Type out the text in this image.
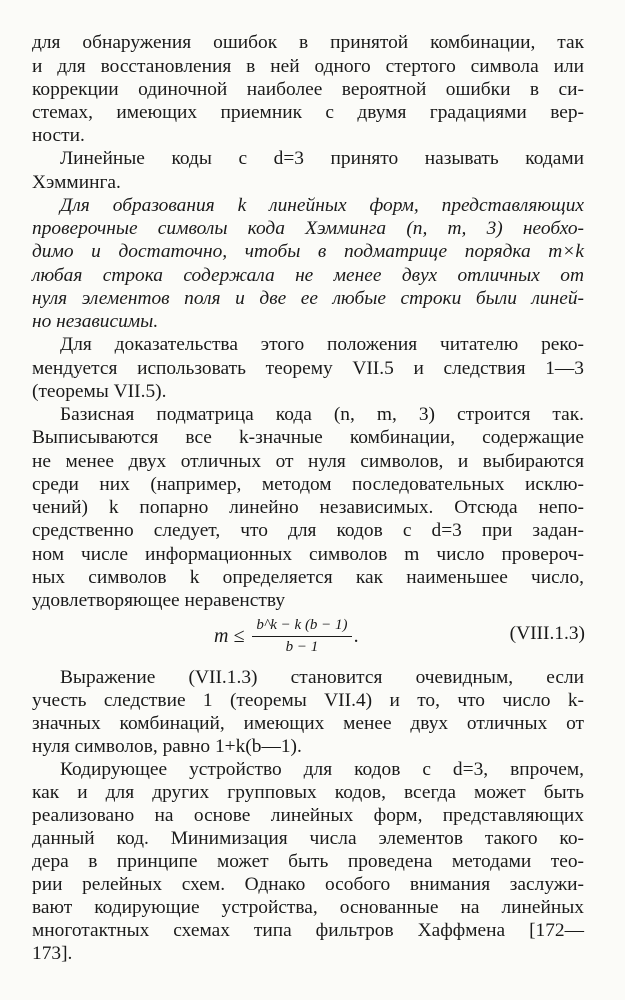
для обнаружения ошибок в принятой комбинации, так
и для восстановления в ней одного стертого символа или
коррекции одиночной наиболее вероятной ошибки в си-
стемах, имеющих приемник с двумя градациями вер-
ности.
Линейные коды с d=3 принято называть кодами
Хэмминга.
Для образования k линейных форм, представляющих
проверочные символы кода Хэмминга (n, m, 3) необхо-
димо и достаточно, чтобы в подматрице порядка m×k
любая строка содержала не менее двух отличных от
нуля элементов поля и две ее любые строки были линей-
но независимы.
Для доказательства этого положения читателю реко-
мендуется использовать теорему VII.5 и следствия 1—3
(теоремы VII.5).
Базисная подматрица кода (n, m, 3) строится так.
Выписываются все k-значные комбинации, содержащие
не менее двух отличных от нуля символов, и выбираются
среди них (например, методом последовательных исклю-
чений) k попарно линейно независимых. Отсюда непо-
средственно следует, что для кодов с d=3 при задан-
ном числе информационных символов m число провероч-
ных символов k определяется как наименьшее число,
удовлетворяющее неравенству
$m \le \frac{b\^{}k - k (b - 1)}{b - 1}$ .	(VIII.1.3)
Выражение (VII.1.3) становится очевидным, если
учесть следствие 1 (теоремы VII.4) и то, что число k-
значных комбинаций, имеющих менее двух отличных от
нуля символов, равно 1+k(b—1).
Кодирующее устройство для кодов с d=3, впрочем,
как и для других групповых кодов, всегда может быть
реализовано на основе линейных форм, представляющих
данный код. Минимизация числа элементов такого ко-
дера в принципе может быть проведена методами тео-
рии релейных схем. Однако особого внимания заслужи-
вают кодирующие устройства, основанные на линейных
многотактных схемах типа фильтров Хаффмена [172—
173].
